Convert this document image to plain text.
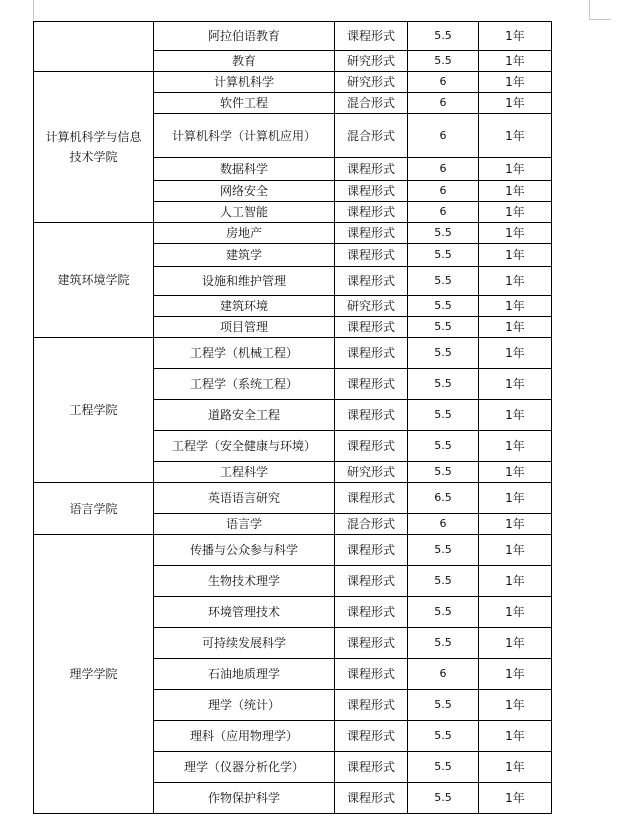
	阿拉伯语教育	课程形式	5.5	1年
	教育	研究形式	5.5	1年
计算机科学与信息技术学院	计算机科学	研究形式	6	1年
	软件工程	混合形式	6	1年
	计算机科学（计算机应用）	混合形式	6	1年
	数据科学	课程形式	6	1年
	网络安全	课程形式	6	1年
	人工智能	课程形式	6	1年
建筑环境学院	房地产	课程形式	5.5	1年
	建筑学	课程形式	5.5	1年
	设施和维护管理	课程形式	5.5	1年
	建筑环境	研究形式	5.5	1年
	项目管理	课程形式	5.5	1年
工程学院	工程学（机械工程）	课程形式	5.5	1年
	工程学（系统工程）	课程形式	5.5	1年
	道路安全工程	课程形式	5.5	1年
	工程学（安全健康与环境）	课程形式	5.5	1年
	工程科学	研究形式	5.5	1年
语言学院	英语语言研究	课程形式	6.5	1年
	语言学	混合形式	6	1年
理学学院	传播与公众参与科学	课程形式	5.5	1年
	生物技术理学	课程形式	5.5	1年
	环境管理技术	课程形式	5.5	1年
	可持续发展科学	课程形式	5.5	1年
	石油地质理学	课程形式	6	1年
	理学（统计）	课程形式	5.5	1年
	理科（应用物理学）	课程形式	5.5	1年
	理学（仪器分析化学）	课程形式	5.5	1年
	作物保护科学	课程形式	5.5	1年
